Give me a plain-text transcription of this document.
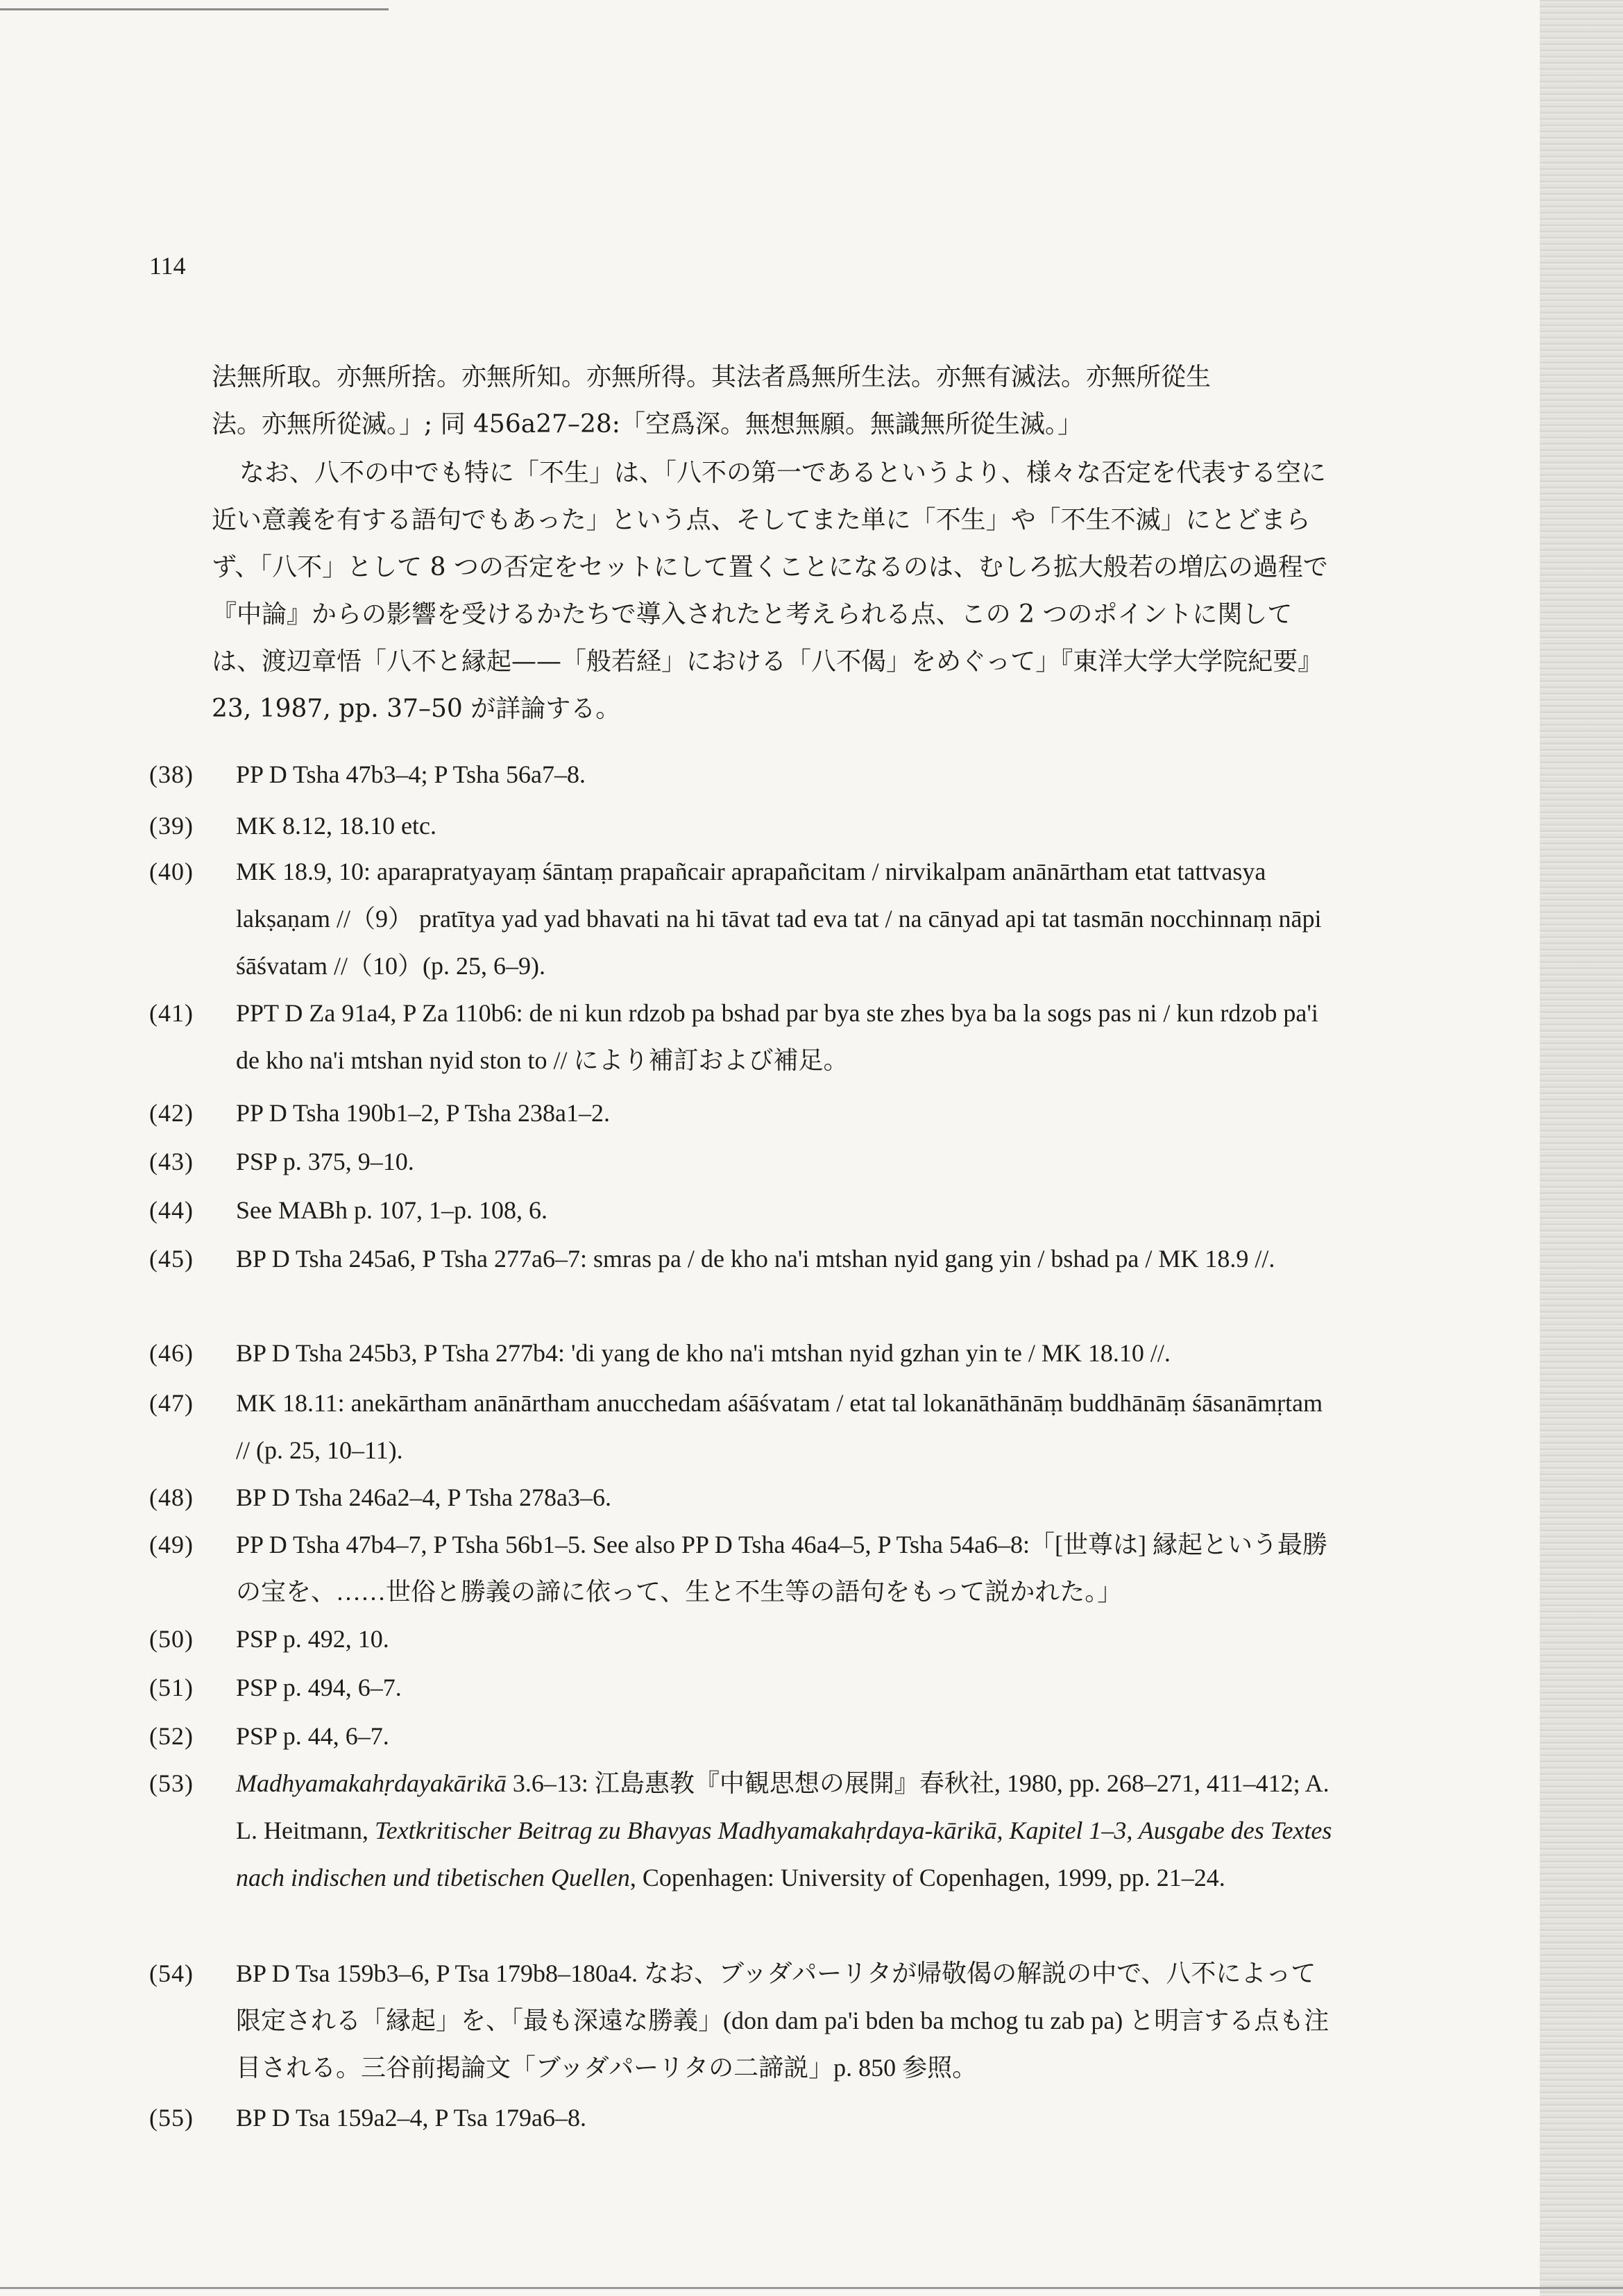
114
法無所取。亦無所捨。亦無所知。亦無所得。其法者爲無所生法。亦無有滅法。亦無所從生
法。亦無所從滅。」; 同 456a27–28:「空爲深。無想無願。無識無所從生滅。」
なお、八不の中でも特に「不生」は、「八不の第一であるというより、様々な否定を代表する空に近い意義を有する語句でもあった」という点、そしてまた単に「不生」や「不生不滅」にとどまらず、「八不」として 8 つの否定をセットにして置くことになるのは、むしろ拡大般若の増広の過程で『中論』からの影響を受けるかたちで導入されたと考えられる点、この 2 つのポイントに関しては、渡辺章悟「八不と縁起——「般若経」における「八不偈」をめぐって」『東洋大学大学院紀要』23, 1987, pp. 37–50 が詳論する。
(38)	PP D Tsha 47b3–4; P Tsha 56a7–8.
(39)	MK 8.12, 18.10 etc.
(40)	MK 18.9, 10: aparapratyayaṃ śāntaṃ prapañcair aprapañcitam / nirvikalpam anānārtham etat tattvasya lakṣaṇam //（9） pratītya yad yad bhavati na hi tāvat tad eva tat / na cānyad api tat tasmān nocchinnaṃ nāpi śāśvatam //（10）(p. 25, 6–9).
(41)	PPT D Za 91a4, P Za 110b6: de ni kun rdzob pa bshad par bya ste zhes bya ba la sogs pas ni / kun rdzob pa'i de kho na'i mtshan nyid ston to // により補訂および補足。
(42)	PP D Tsha 190b1–2, P Tsha 238a1–2.
(43)	PSP p. 375, 9–10.
(44)	See MABh p. 107, 1–p. 108, 6.
(45)	BP D Tsha 245a6, P Tsha 277a6–7: smras pa / de kho na'i mtshan nyid gang yin / bshad pa / MK 18.9 //.
(46)	BP D Tsha 245b3, P Tsha 277b4: 'di yang de kho na'i mtshan nyid gzhan yin te / MK 18.10 //.
(47)	MK 18.11: anekārtham anānārtham anucchedam aśāśvatam / etat tal lokanāthānāṃ buddhānāṃ śāsanāmṛtam // (p. 25, 10–11).
(48)	BP D Tsha 246a2–4, P Tsha 278a3–6.
(49)	PP D Tsha 47b4–7, P Tsha 56b1–5. See also PP D Tsha 46a4–5, P Tsha 54a6–8:「[世尊は] 縁起という最勝の宝を、……世俗と勝義の諦に依って、生と不生等の語句をもって説かれた。」
(50)	PSP p. 492, 10.
(51)	PSP p. 494, 6–7.
(52)	PSP p. 44, 6–7.
(53)	Madhyamakahṛdayakārikā 3.6–13: 江島惠教『中観思想の展開』春秋社, 1980, pp. 268–271, 411–412; A. L. Heitmann, Textkritischer Beitrag zu Bhavyas Madhyamakahṛdaya-kārikā, Kapitel 1–3, Ausgabe des Textes nach indischen und tibetischen Quellen, Copenhagen: University of Copenhagen, 1999, pp. 21–24.
(54)	BP D Tsa 159b3–6, P Tsa 179b8–180a4. なお、ブッダパーリタが帰敬偈の解説の中で、八不によって限定される「縁起」を、「最も深遠な勝義」(don dam pa'i bden ba mchog tu zab pa) と明言する点も注目される。三谷前掲論文「ブッダパーリタの二諦説」p. 850 参照。
(55)	BP D Tsa 159a2–4, P Tsa 179a6–8.
